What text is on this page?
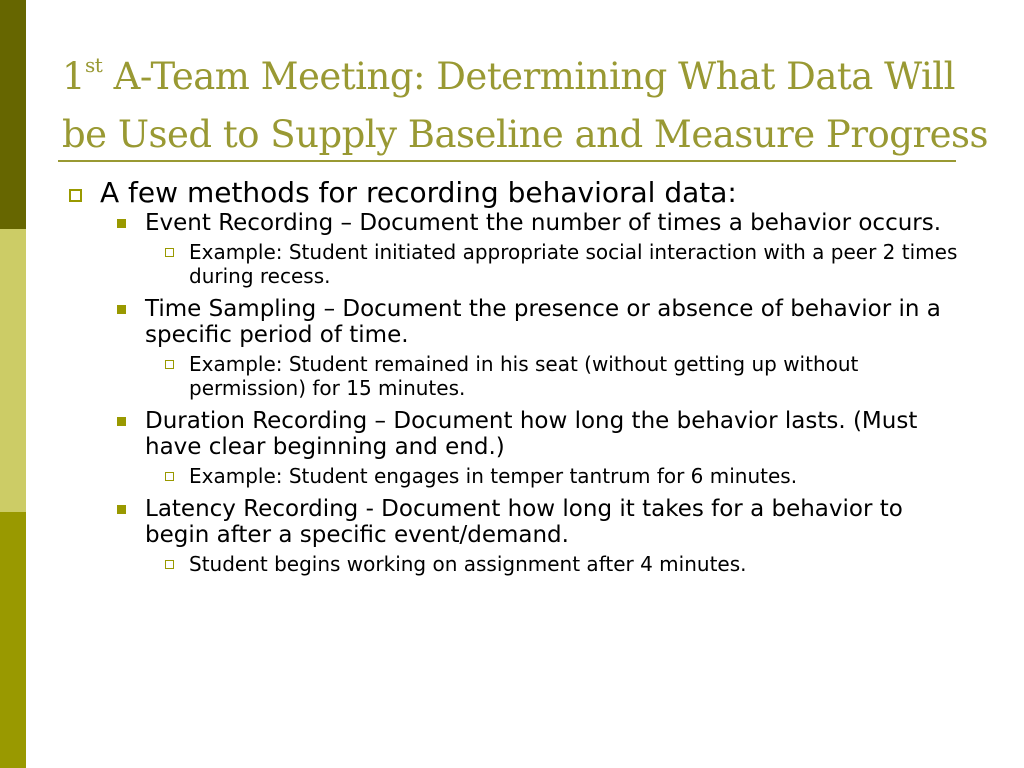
1st A-Team Meeting: Determining What Data Will be Used to Supply Baseline and Measure Progress
A few methods for recording behavioral data:
Event Recording – Document the number of times a behavior occurs.
Example: Student initiated appropriate social interaction with a peer 2 times during recess.
Time Sampling – Document the presence or absence of behavior in a specific period of time.
Example: Student remained in his seat (without getting up without permission) for 15 minutes.
Duration Recording – Document how long the behavior lasts. (Must have clear beginning and end.)
Example: Student engages in temper tantrum for 6 minutes.
Latency Recording - Document how long it takes for a behavior to begin after a specific event/demand.
Student begins working on assignment after 4 minutes.
